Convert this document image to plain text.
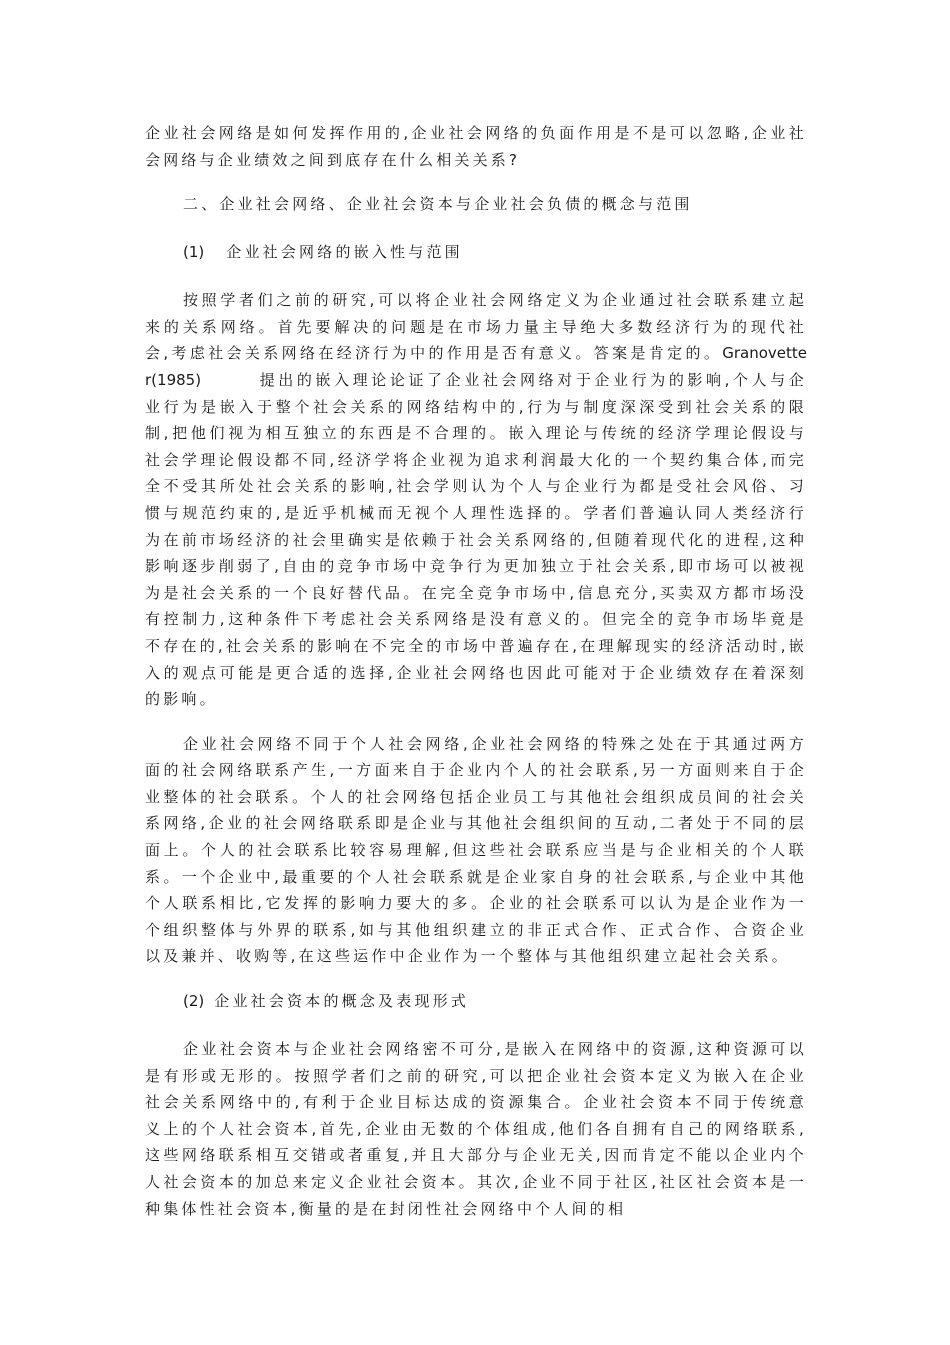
企业社会网络是如何发挥作用的,企业社会网络的负面作用是不是可以忽略,企业社会网络与企业绩效之间到底存在什么相关关系?

二、企业社会网络、企业社会资本与企业社会负债的概念与范围

(1) 企业社会网络的嵌入性与范围

按照学者们之前的研究,可以将企业社会网络定义为企业通过社会联系建立起来的关系网络。首先要解决的问题是在市场力量主导绝大多数经济行为的现代社会,考虑社会关系网络在经济行为中的作用是否有意义。答案是肯定的。Granovetter(1985)	提出的嵌入理论论证了企业社会网络对于企业行为的影响,个人与企业行为是嵌入于整个社会关系的网络结构中的,行为与制度深深受到社会关系的限制,把他们视为相互独立的东西是不合理的。嵌入理论与传统的经济学理论假设与社会学理论假设都不同,经济学将企业视为追求利润最大化的一个契约集合体,而完全不受其所处社会关系的影响,社会学则认为个人与企业行为都是受社会风俗、习惯与规范约束的,是近乎机械而无视个人理性选择的。学者们普遍认同人类经济行为在前市场经济的社会里确实是依赖于社会关系网络的,但随着现代化的进程,这种影响逐步削弱了,自由的竞争市场中竞争行为更加独立于社会关系,即市场可以被视为是社会关系的一个良好替代品。在完全竞争市场中,信息充分,买卖双方都市场没有控制力,这种条件下考虑社会关系网络是没有意义的。但完全的竞争市场毕竟是不存在的,社会关系的影响在不完全的市场中普遍存在,在理解现实的经济活动时,嵌入的观点可能是更合适的选择,企业社会网络也因此可能对于企业绩效存在着深刻的影响。

企业社会网络不同于个人社会网络,企业社会网络的特殊之处在于其通过两方面的社会网络联系产生,一方面来自于企业内个人的社会联系,另一方面则来自于企业整体的社会联系。个人的社会网络包括企业员工与其他社会组织成员间的社会关系网络,企业的社会网络联系即是企业与其他社会组织间的互动,二者处于不同的层面上。个人的社会联系比较容易理解,但这些社会联系应当是与企业相关的个人联系。一个企业中,最重要的个人社会联系就是企业家自身的社会联系,与企业中其他个人联系相比,它发挥的影响力要大的多。企业的社会联系可以认为是企业作为一个组织整体与外界的联系,如与其他组织建立的非正式合作、正式合作、合资企业以及兼并、收购等,在这些运作中企业作为一个整体与其他组织建立起社会关系。

(2) 企业社会资本的概念及表现形式

企业社会资本与企业社会网络密不可分,是嵌入在网络中的资源,这种资源可以是有形或无形的。按照学者们之前的研究,可以把企业社会资本定义为嵌入在企业社会关系网络中的,有利于企业目标达成的资源集合。企业社会资本不同于传统意义上的个人社会资本,首先,企业由无数的个体组成,他们各自拥有自己的网络联系,这些网络联系相互交错或者重复,并且大部分与企业无关,因而肯定不能以企业内个人社会资本的加总来定义企业社会资本。其次,企业不同于社区,社区社会资本是一种集体性社会资本,衡量的是在封闭性社会网络中个人间的相
